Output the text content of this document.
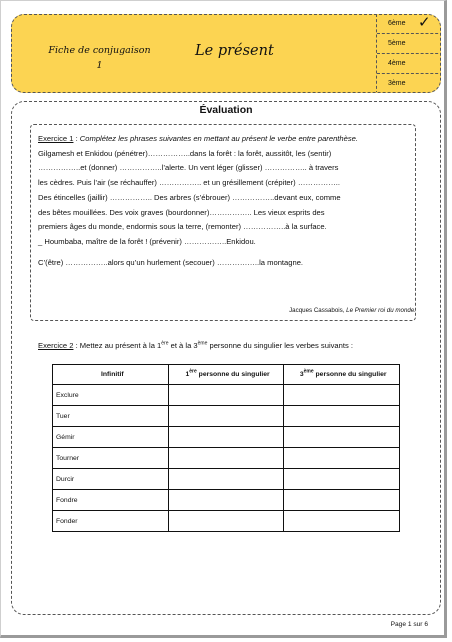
Fiche de conjugaison
1
Le présent
6ème ✓
5ème
4ème
3ème
Évaluation

Exercice 1 : Complétez les phrases suivantes en mettant au présent le verbe entre parenthèse.

Gilgamesh et Enkidou (pénétrer)……………..dans la forêt : la forêt, aussitôt, les (sentir)

……………..et (donner) ……………..l’alerte. Un vent léger (glisser) …………….. à travers

les cèdres. Puis l’air (se réchauffer) …………….. et un grésillement (crépiter) ……………..

Des étincelles (jaillir) …………….. Des arbres (s’ébrouer) ……………..devant eux, comme

des bêtes mouillées. Des voix graves (bourdonner)…………….. Les vieux esprits des

premiers âges du monde, endormis sous la terre, (remonter) ……………..à la surface.

_ Houmbaba, maître de la forêt ! (prévenir) ……………..Enkidou.

C’(être) ……………..alors qu’un hurlement (secouer) ……………..la montagne.

Jacques Cassabois, Le Premier roi du monde.
Exercice 2 : Mettez au présent à la 1ère et à la 3ème personne du singulier les verbes suivants :
Infinitif	1ère personne du singulier	3ème personne du singulier
Exclure		
Tuer		
Gémir		
Tourner		
Durcir		
Fondre		
Fonder		
Page 1 sur 6
